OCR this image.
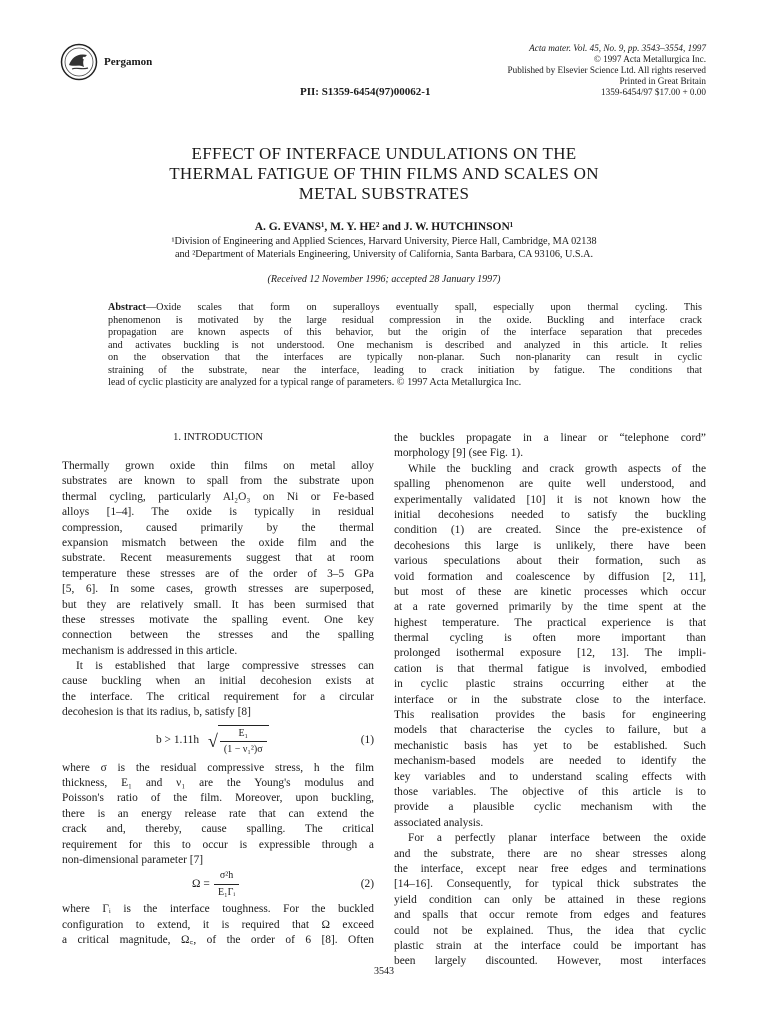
Pergamon
PII: S1359-6454(97)00062-1
Acta mater. Vol. 45, No. 9, pp. 3543–3554, 1997
© 1997 Acta Metallurgica Inc.
Published by Elsevier Science Ltd. All rights reserved
Printed in Great Britain
1359-6454/97 $17.00 + 0.00
EFFECT OF INTERFACE UNDULATIONS ON THE
THERMAL FATIGUE OF THIN FILMS AND SCALES ON
METAL SUBSTRATES
A. G. EVANS¹, M. Y. HE² and J. W. HUTCHINSON¹
¹Division of Engineering and Applied Sciences, Harvard University, Pierce Hall, Cambridge, MA 02138
and ²Department of Materials Engineering, University of California, Santa Barbara, CA 93106, U.S.A.
(Received 12 November 1996; accepted 28 January 1997)
Abstract—Oxide scales that form on superalloys eventually spall, especially upon thermal cycling. This
phenomenon is motivated by the large residual compression in the oxide. Buckling and interface crack
propagation are known aspects of this behavior, but the origin of the interface separation that precedes
and activates buckling is not understood. One mechanism is described and analyzed in this article. It relies
on the observation that the interfaces are typically non-planar. Such non-planarity can result in cyclic
straining of the substrate, near the interface, leading to crack initiation by fatigue. The conditions that
lead of cyclic plasticity are analyzed for a typical range of parameters. © 1997 Acta Metallurgica Inc.
1. INTRODUCTION
Thermally grown oxide thin films on metal alloy
substrates are known to spall from the substrate upon
thermal cycling, particularly Al₂O₃ on Ni or Fe-based
alloys [1–4]. The oxide is typically in residual
compression, caused primarily by the thermal
expansion mismatch between the oxide film and the
substrate. Recent measurements suggest that at room
temperature these stresses are of the order of 3–5 GPa
[5, 6]. In some cases, growth stresses are superposed,
but they are relatively small. It has been surmised that
these stresses motivate the spalling event. One key
connection between the stresses and the spalling
mechanism is addressed in this article.
It is established that large compressive stresses can
cause buckling when an initial decohesion exists at
the interface. The critical requirement for a circular
decohesion is that its radius, b, satisfy [8]
b > 1.11h √ $\frac{\text{E₁}}{\text{(1 − ν₁²)σ}}$	(1)
where σ is the residual compressive stress, h the film
thickness, E₁ and ν₁ are the Young's modulus and
Poisson's ratio of the film. Moreover, upon buckling,
there is an energy release rate that can extend the
crack and, thereby, cause spalling. The critical
requirement for this to occur is expressible through a
non-dimensional parameter [7]
$\Omega = \frac{\text{σ²h}}{\text{E₁Γᵢ}}$	(2)
where Γᵢ is the interface toughness. For the buckled
configuration to extend, it is required that Ω exceed
a critical magnitude, Ω꜀, of the order of 6 [8]. Often
the buckles propagate in a linear or “telephone cord”
morphology [9] (see Fig. 1).
While the buckling and crack growth aspects of the
spalling phenomenon are quite well understood, and
experimentally validated [10] it is not known how the
initial decohesions needed to satisfy the buckling
condition (1) are created. Since the pre-existence of
decohesions this large is unlikely, there have been
various speculations about their formation, such as
void formation and coalescence by diffusion [2, 11],
but most of these are kinetic processes which occur
at a rate governed primarily by the time spent at the
highest temperature. The practical experience is that
thermal cycling is often more important than
prolonged isothermal exposure [12, 13]. The impli-
cation is that thermal fatigue is involved, embodied
in cyclic plastic strains occurring either at the
interface or in the substrate close to the interface.
This realisation provides the basis for engineering
models that characterise the cycles to failure, but a
mechanistic basis has yet to be established. Such
mechanism-based models are needed to identify the
key variables and to understand scaling effects with
those variables. The objective of this article is to
provide a plausible cyclic mechanism with the
associated analysis.
For a perfectly planar interface between the oxide
and the substrate, there are no shear stresses along
the interface, except near free edges and terminations
[14–16]. Consequently, for typical thick substrates the
yield condition can only be attained in these regions
and spalls that occur remote from edges and features
could not be explained. Thus, the idea that cyclic
plastic strain at the interface could be important has
been largely discounted. However, most interfaces
3543
